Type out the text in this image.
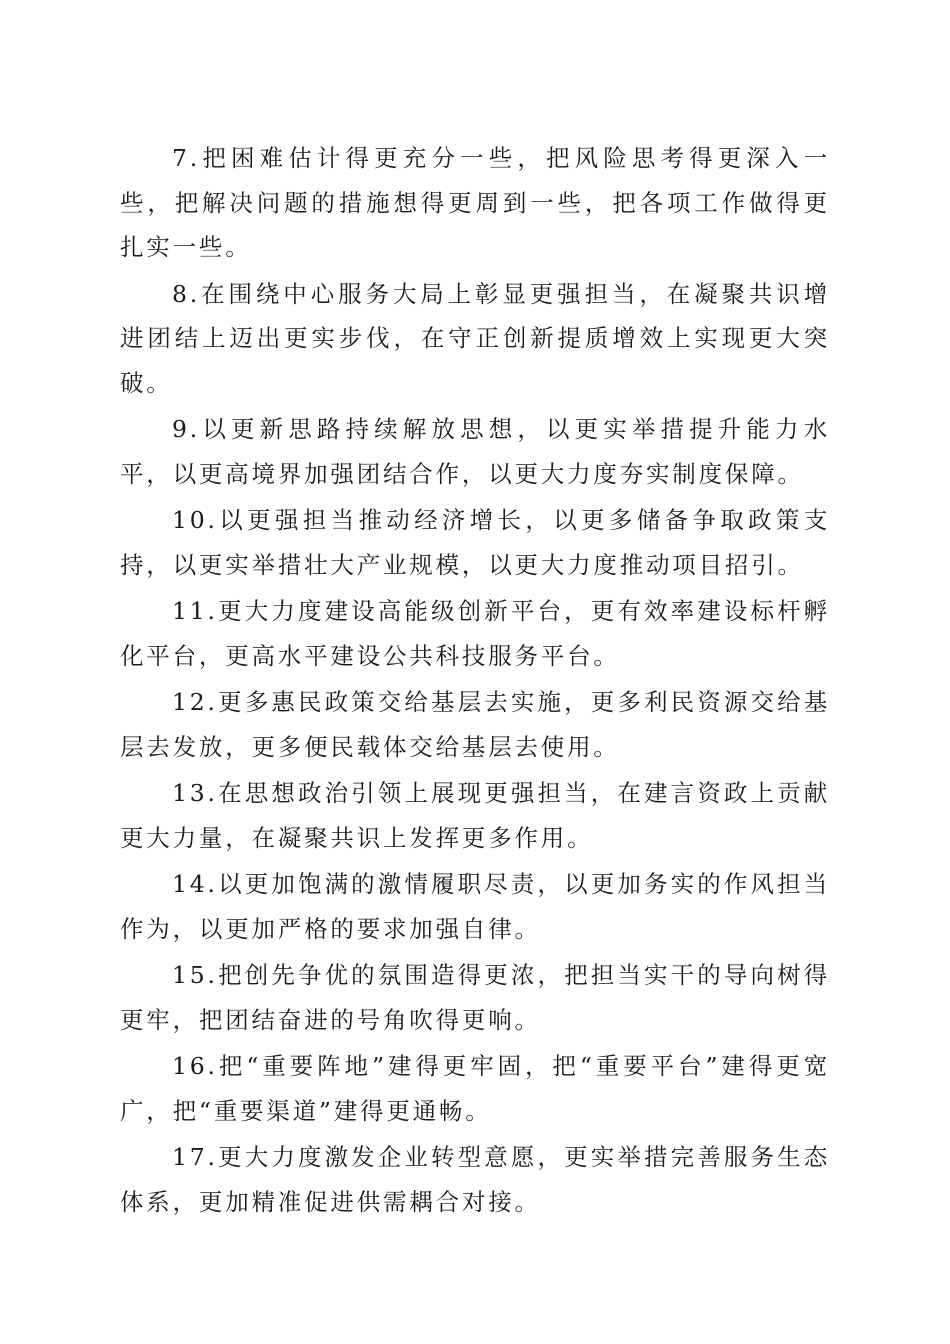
7.把困难估计得更充分一些，把风险思考得更深入一些，把解决问题的措施想得更周到一些，把各项工作做得更扎实一些。

8.在围绕中心服务大局上彰显更强担当，在凝聚共识增进团结上迈出更实步伐，在守正创新提质增效上实现更大突破。

9.以更新思路持续解放思想，以更实举措提升能力水平，以更高境界加强团结合作，以更大力度夯实制度保障。

10.以更强担当推动经济增长，以更多储备争取政策支持，以更实举措壮大产业规模，以更大力度推动项目招引。

11.更大力度建设高能级创新平台，更有效率建设标杆孵化平台，更高水平建设公共科技服务平台。

12.更多惠民政策交给基层去实施，更多利民资源交给基层去发放，更多便民载体交给基层去使用。

13.在思想政治引领上展现更强担当，在建言资政上贡献更大力量，在凝聚共识上发挥更多作用。

14.以更加饱满的激情履职尽责，以更加务实的作风担当作为，以更加严格的要求加强自律。

15.把创先争优的氛围造得更浓，把担当实干的导向树得更牢，把团结奋进的号角吹得更响。

16.把“重要阵地”建得更牢固，把“重要平台”建得更宽广，把“重要渠道”建得更通畅。

17.更大力度激发企业转型意愿，更实举措完善服务生态体系，更加精准促进供需耦合对接。
